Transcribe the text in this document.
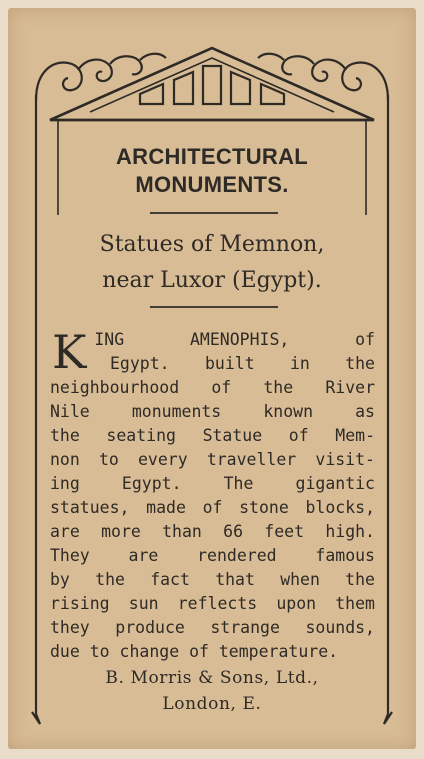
ARCHITECTURAL
MONUMENTS.
Statues of Memnon,
near Luxor (Egypt).
K ING AMENOPHIS, of
Egypt. built in the
neighbourhood of the River
Nile monuments known as
the seating Statue of Mem-
non to every traveller visit-
ing Egypt. The gigantic
statues, made of stone blocks,
are more than 66 feet high.
They are rendered famous
by the fact that when the
rising sun reflects upon them
they produce strange sounds,
due to change of temperature.
B. Morris & Sons, Ltd.,
London, E.
